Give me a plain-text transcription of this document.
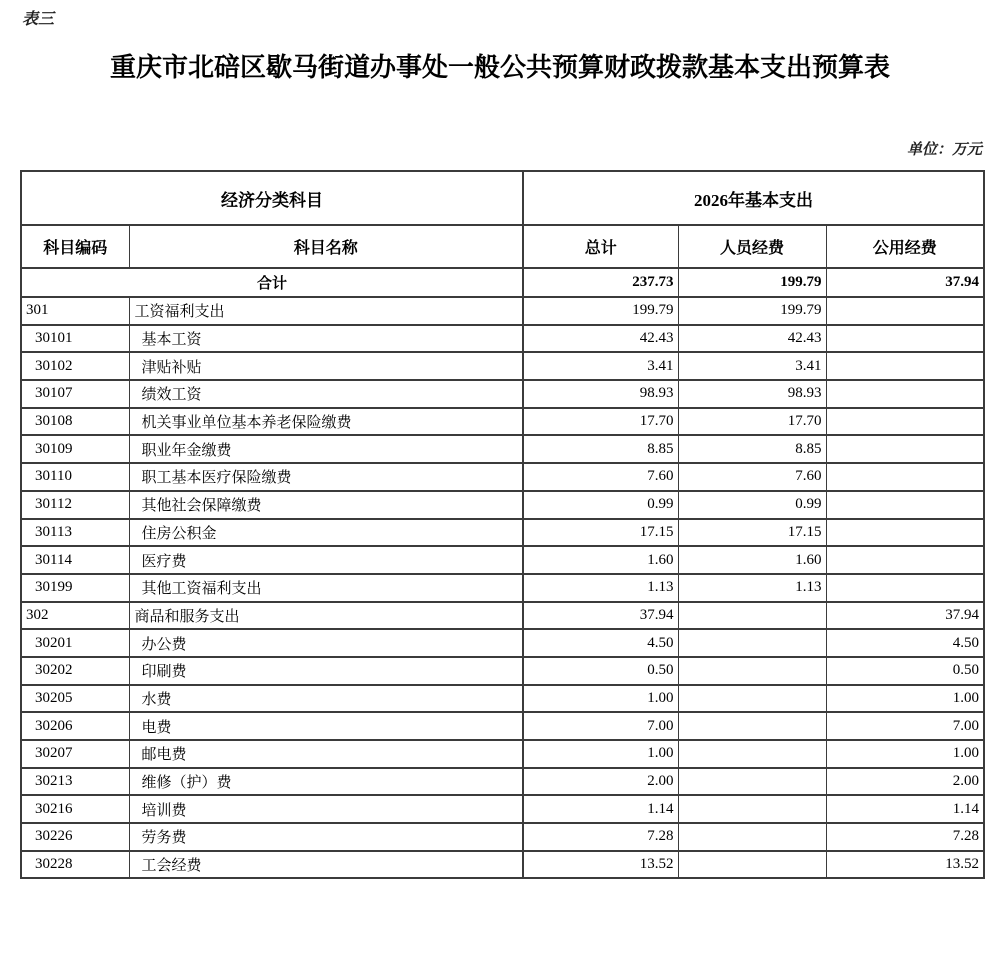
表三
重庆市北碚区歇马街道办事处一般公共预算财政拨款基本支出预算表
单位：万元
经济分类科目		2026年基本支出		
科目编码	科目名称	总计	人员经费	公用经费
合计		237.73	199.79	37.94
301	工资福利支出	199.79	199.79	
30101	基本工资	42.43	42.43	
30102	津贴补贴	3.41	3.41	
30107	绩效工资	98.93	98.93	
30108	机关事业单位基本养老保险缴费	17.70	17.70	
30109	职业年金缴费	8.85	8.85	
30110	职工基本医疗保险缴费	7.60	7.60	
30112	其他社会保障缴费	0.99	0.99	
30113	住房公积金	17.15	17.15	
30114	医疗费	1.60	1.60	
30199	其他工资福利支出	1.13	1.13	
302	商品和服务支出	37.94		37.94
30201	办公费	4.50		4.50
30202	印刷费	0.50		0.50
30205	水费	1.00		1.00
30206	电费	7.00		7.00
30207	邮电费	1.00		1.00
30213	维修（护）费	2.00		2.00
30216	培训费	1.14		1.14
30226	劳务费	7.28		7.28
30228	工会经费	13.52		13.52
